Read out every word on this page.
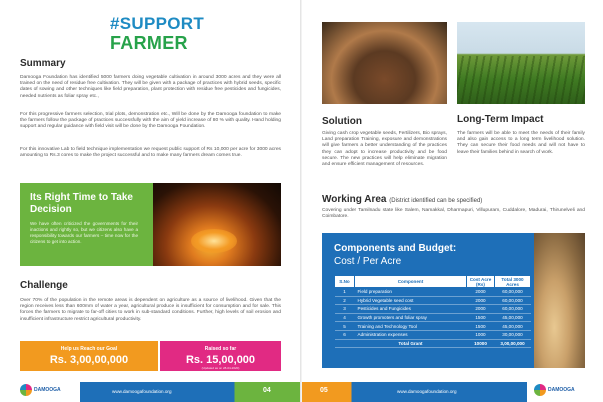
#SUPPORT
FARMER
Summary

Damooga Foundation has identified 5000 farmers doing vegetable cultivation in around 3000 acres and they were all trained on the need of residue free cultivation. They will be given with a package of practices with hybrid seeds, specific dates of sowing and other techniques like field preparation, plant protection with residue free pesticides and fungicides, needed nutrients as foliar spray etc.,

For this progressive farmers selection, trial plots, demonstration etc., Will be done by the Damooga foundation to make the farmers follow the package of practices successfully with the aim of yield increase of 80 % with quality. Hand holding support and regular guidance with field visit will be done by the Damooga Foundation.

For this innovative Lab to field technique implementation we request public support of Rs 10,000 per acre for 3000 acres amounting to Rs.3 cores to make the project successful and to make many farmers dream comes true.

Its Right Time to Take Decision
We have often criticized the governments for their inactions and rightly so, but we citizens also have a responsibility towards our farmers – time now for the citizens to get into action.
Challenge

Over 70% of the population in the remote areas is dependent on agriculture as a source of livelihood. Given that the region receives less than 600mm of water a year, agricultural produce is insufficient for consumption and for sale. This forces the farmers to migrate to far-off cities to work in sub-standard conditions. Further, high levels of soil erosion and insufficient infrastructure restrict agricultural productivity.

Help us Reach our Goal
Rs. 3,00,00,000
Raised so far
Rs. 15,00,000
(Updated as on 28-04-2020)
DAMOOGA	www.damoogafoundation.org	04
Solution

Giving cash crop vegetable seeds, Fertilizers, Bio sprays, Land preparation Training, exposure and demonstrations will give farmers a better understanding of the practices they can adopt to increase productivity and be food secure. The new practices will help eliminate migration and ensure efficient management of resources.

Long-Term Impact

The farmers will be able to meet the needs of their family and also gain access to a long term livelihood solution. They can secure their food needs and will not have to leave their families behind in search of work.

Working Area (District identified can be specified)

Covering under Tamilnadu state like Salem, Namakkal, Dharmapuri, Villupuram, Cuddalore, Madurai, Thirunelveli and Coimbatore.

Components and Budget:
Cost / Per Acre
S.No	Component	Cost Acre (Rs)	Total 3000 Acres
1	Field preparation	2000	60,00,000
2	Hybrid Vegetable seed cost	2000	60,00,000
3	Pesticides and Fungicides	2000	60,00,000
4	Growth promoters and foliar spray	1500	45,00,000
5	Training and Technology Tool	1500	45,00,000
6	Administration expenses	1000	30,00,000
	Total Grant	10000	3,00,00,000
05	www.damoogafoundation.org	DAMOOGA
